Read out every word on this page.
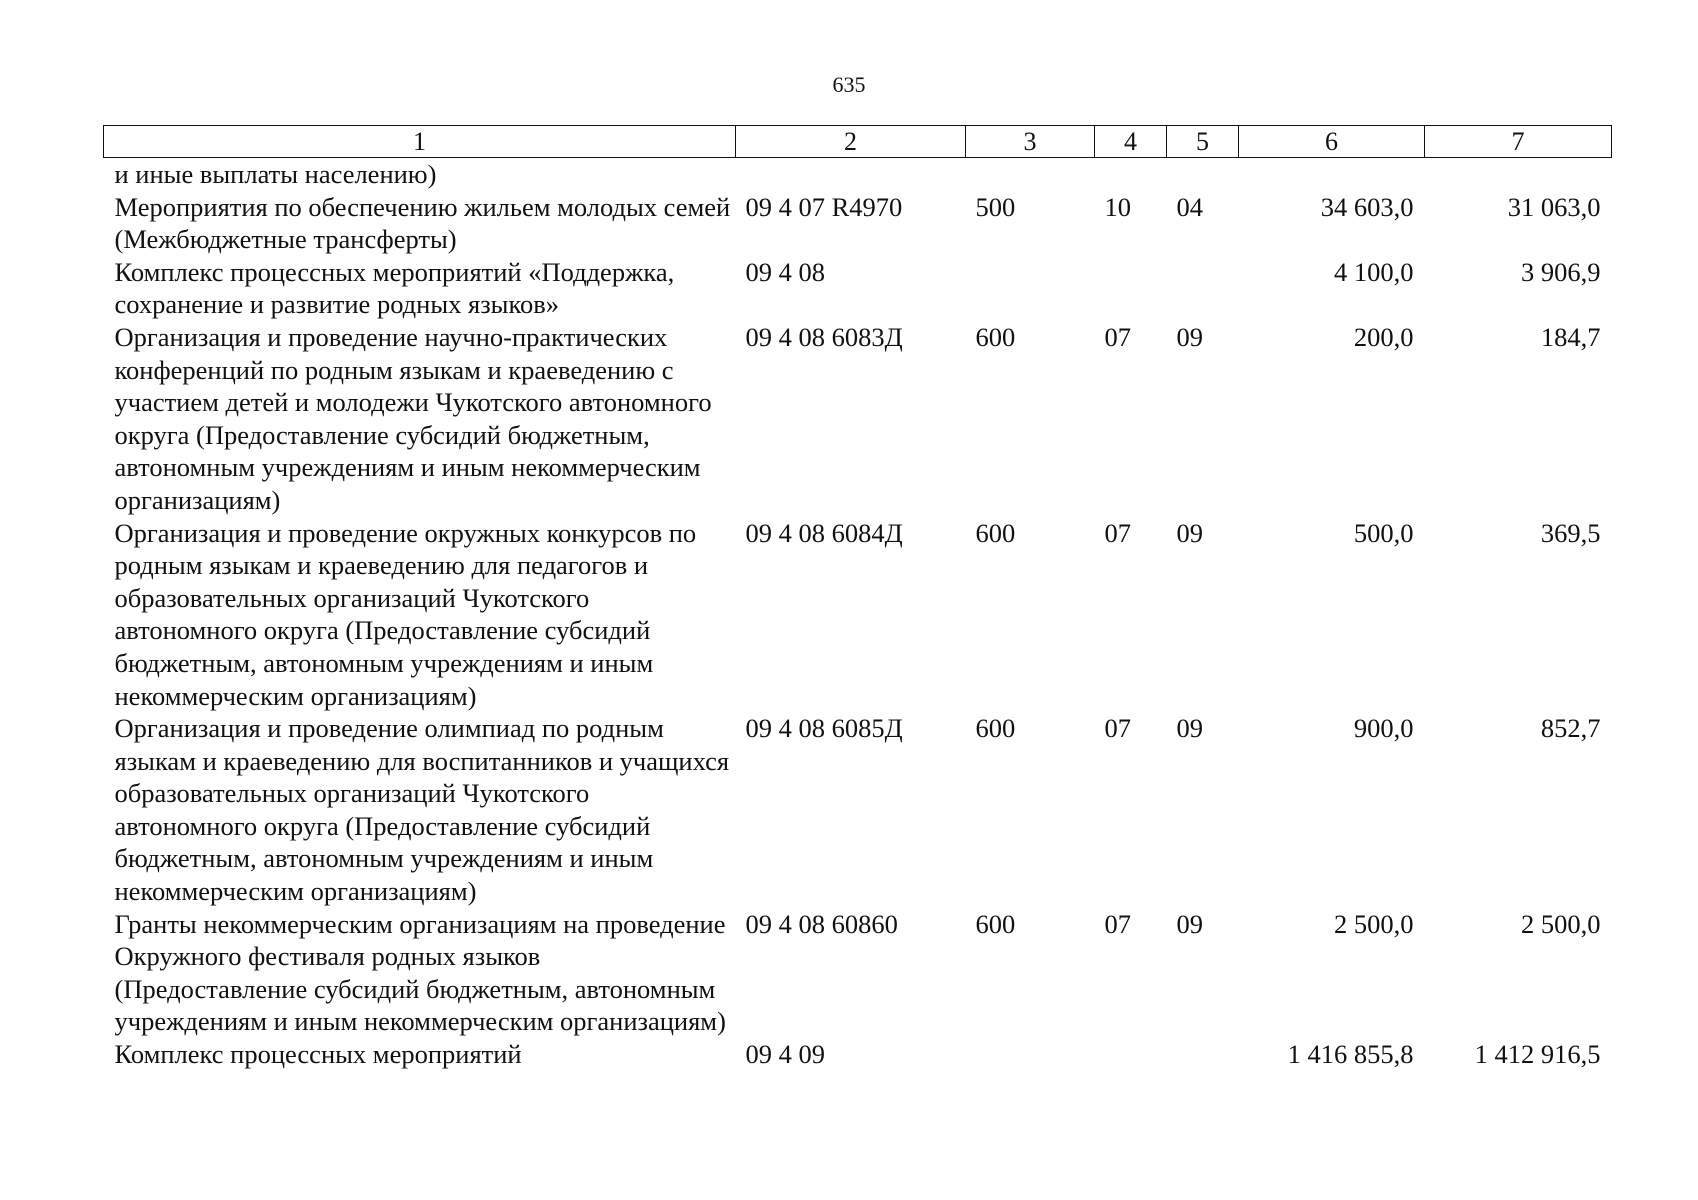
635
1	2	3	4	5	6	7
и иные выплаты населению)						
Мероприятия по обеспечению жильем молодых семей (Межбюджетные трансферты)	09 4 07 R4970	500	10	04	34 603,0	31 063,0
Комплекс процессных мероприятий «Поддержка, сохранение и развитие родных языков»	09 4 08				4 100,0	3 906,9
Организация и проведение научно-практических конференций по родным языкам и краеведению с участием детей и молодежи Чукотского автономного округа (Предоставление субсидий бюджетным, автономным учреждениям и иным некоммерческим организациям)	09 4 08 6083Д	600	07	09	200,0	184,7
Организация и проведение окружных конкурсов по родным языкам и краеведению для педагогов и образовательных организаций Чукотского автономного округа (Предоставление субсидий бюджетным, автономным учреждениям и иным некоммерческим организациям)	09 4 08 6084Д	600	07	09	500,0	369,5
Организация и проведение олимпиад по родным языкам и краеведению для воспитанников и учащихся образовательных организаций Чукотского автономного округа (Предоставление субсидий бюджетным, автономным учреждениям и иным некоммерческим организациям)	09 4 08 6085Д	600	07	09	900,0	852,7
Гранты некоммерческим организациям на проведение Окружного фестиваля родных языков (Предоставление субсидий бюджетным, автономным учреждениям и иным некоммерческим организациям)	09 4 08 60860	600	07	09	2 500,0	2 500,0
Комплекс процессных мероприятий	09 4 09				1 416 855,8	1 412 916,5
